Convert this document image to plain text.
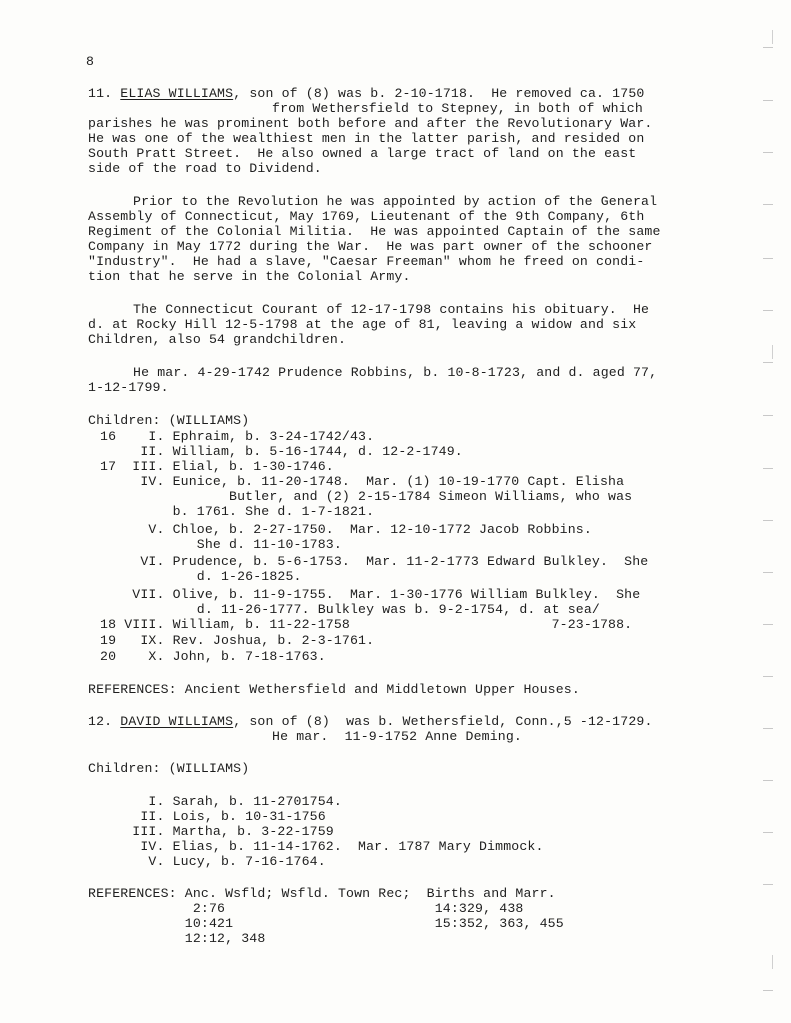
8
11. ELIAS WILLIAMS, son of (8) was b. 2-10-1718.  He removed ca. 1750
from Wethersfield to Stepney, in both of which
parishes he was prominent both before and after the Revolutionary War.
He was one of the wealthiest men in the latter parish, and resided on
South Pratt Street.  He also owned a large tract of land on the east
side of the road to Dividend.
Prior to the Revolution he was appointed by action of the General
Assembly of Connecticut, May 1769, Lieutenant of the 9th Company, 6th
Regiment of the Colonial Militia.  He was appointed Captain of the same
Company in May 1772 during the War.  He was part owner of the schooner
"Industry".  He had a slave, "Caesar Freeman" whom he freed on condi-
tion that he serve in the Colonial Army.
The Connecticut Courant of 12-17-1798 contains his obituary.  He
d. at Rocky Hill 12-5-1798 at the age of 81, leaving a widow and six
Children, also 54 grandchildren.
He mar. 4-29-1742 Prudence Robbins, b. 10-8-1723, and d. aged 77,
1-12-1799.
Children: (WILLIAMS)
16    I. Ephraim, b. 3-24-1742/43.
II. William, b. 5-16-1744, d. 12-2-1749.
17  III. Elial, b. 1-30-1746.
IV. Eunice, b. 11-20-1748.  Mar. (1) 10-19-1770 Capt. Elisha
Butler, and (2) 2-15-1784 Simeon Williams, who was
b. 1761. She d. 1-7-1821.
V. Chloe, b. 2-27-1750.  Mar. 12-10-1772 Jacob Robbins.
She d. 11-10-1783.
VI. Prudence, b. 5-6-1753.  Mar. 11-2-1773 Edward Bulkley.  She
d. 1-26-1825.
VII. Olive, b. 11-9-1755.  Mar. 1-30-1776 William Bulkley.  She
d. 11-26-1777. Bulkley was b. 9-2-1754, d. at sea/
18 VIII. William, b. 11-22-1758                         7-23-1788.
19   IX. Rev. Joshua, b. 2-3-1761.
20    X. John, b. 7-18-1763.
REFERENCES: Ancient Wethersfield and Middletown Upper Houses.
12. DAVID WILLIAMS, son of (8)  was b. Wethersfield, Conn.,5 -12-1729.
He mar.  11-9-1752 Anne Deming.
Children: (WILLIAMS)
I. Sarah, b. 11-2701754.
II. Lois, b. 10-31-1756
III. Martha, b. 3-22-1759
IV. Elias, b. 11-14-1762.  Mar. 1787 Mary Dimmock.
V. Lucy, b. 7-16-1764.
REFERENCES: Anc. Wsfld; Wsfld. Town Rec;  Births and Marr.
2:76                          14:329, 438
10:421                         15:352, 363, 455
12:12, 348
